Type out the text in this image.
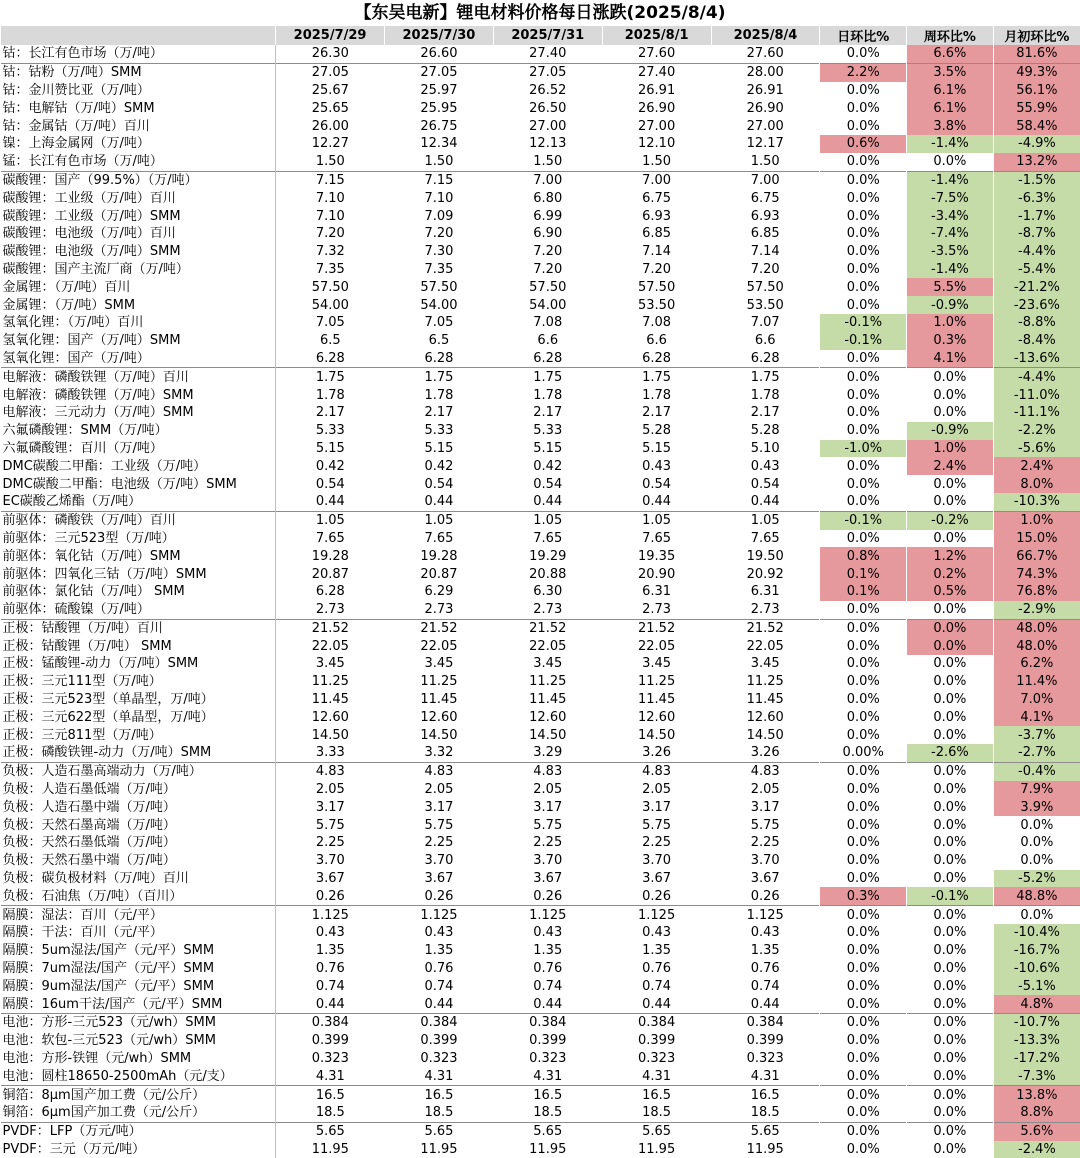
【东吴电新】锂电材料价格每日涨跌(2025/8/4)
	2025/7/29	2025/7/30	2025/7/31	2025/8/1	2025/8/4	日环比%	周环比%	月初环比%
钴：长江有色市场（万/吨）	26.30	26.60	27.40	27.60	27.60	0.0%	6.6%	81.6%
钴：钴粉（万/吨）SMM	27.05	27.05	27.05	27.40	28.00	2.2%	3.5%	49.3%
钴：金川赞比亚（万/吨）	25.67	25.97	26.52	26.91	26.91	0.0%	6.1%	56.1%
钴：电解钴（万/吨）SMM	25.65	25.95	26.50	26.90	26.90	0.0%	6.1%	55.9%
钴：金属钴（万/吨）百川	26.00	26.75	27.00	27.00	27.00	0.0%	3.8%	58.4%
镍：上海金属网（万/吨）	12.27	12.34	12.13	12.10	12.17	0.6%	-1.4%	-4.9%
锰：长江有色市场（万/吨）	1.50	1.50	1.50	1.50	1.50	0.0%	0.0%	13.2%
碳酸锂：国产（99.5%）（万/吨）	7.15	7.15	7.00	7.00	7.00	0.0%	-1.4%	-1.5%
碳酸锂：工业级（万/吨）百川	7.10	7.10	6.80	6.75	6.75	0.0%	-7.5%	-6.3%
碳酸锂：工业级（万/吨）SMM	7.10	7.09	6.99	6.93	6.93	0.0%	-3.4%	-1.7%
碳酸锂：电池级（万/吨）百川	7.20	7.20	6.90	6.85	6.85	0.0%	-7.4%	-8.7%
碳酸锂：电池级（万/吨）SMM	7.32	7.30	7.20	7.14	7.14	0.0%	-3.5%	-4.4%
碳酸锂：国产主流厂商（万/吨）	7.35	7.35	7.20	7.20	7.20	0.0%	-1.4%	-5.4%
金属锂：（万/吨）百川	57.50	57.50	57.50	57.50	57.50	0.0%	5.5%	-21.2%
金属锂：（万/吨）SMM	54.00	54.00	54.00	53.50	53.50	0.0%	-0.9%	-23.6%
氢氧化锂：（万/吨）百川	7.05	7.05	7.08	7.08	7.07	-0.1%	1.0%	-8.8%
氢氧化锂：国产（万/吨）SMM	6.5	6.5	6.6	6.6	6.6	-0.1%	0.3%	-8.4%
氢氧化锂：国产（万/吨）	6.28	6.28	6.28	6.28	6.28	0.0%	4.1%	-13.6%
电解液：磷酸铁锂（万/吨）百川	1.75	1.75	1.75	1.75	1.75	0.0%	0.0%	-4.4%
电解液：磷酸铁锂（万/吨）SMM	1.78	1.78	1.78	1.78	1.78	0.0%	0.0%	-11.0%
电解液：三元动力（万/吨）SMM	2.17	2.17	2.17	2.17	2.17	0.0%	0.0%	-11.1%
六氟磷酸锂：SMM（万/吨）	5.33	5.33	5.33	5.28	5.28	0.0%	-0.9%	-2.2%
六氟磷酸锂：百川（万/吨）	5.15	5.15	5.15	5.15	5.10	-1.0%	1.0%	-5.6%
DMC碳酸二甲酯：工业级（万/吨）	0.42	0.42	0.42	0.43	0.43	0.0%	2.4%	2.4%
DMC碳酸二甲酯：电池级（万/吨）SMM	0.54	0.54	0.54	0.54	0.54	0.0%	0.0%	8.0%
EC碳酸乙烯酯（万/吨）	0.44	0.44	0.44	0.44	0.44	0.0%	0.0%	-10.3%
前驱体：磷酸铁（万/吨）百川	1.05	1.05	1.05	1.05	1.05	-0.1%	-0.2%	1.0%
前驱体：三元523型（万/吨）	7.65	7.65	7.65	7.65	7.65	0.0%	0.0%	15.0%
前驱体：氧化钴（万/吨）SMM	19.28	19.28	19.29	19.35	19.50	0.8%	1.2%	66.7%
前驱体：四氧化三钴（万/吨）SMM	20.87	20.87	20.88	20.90	20.92	0.1%	0.2%	74.3%
前驱体：氯化钴（万/吨） SMM	6.28	6.29	6.30	6.31	6.31	0.1%	0.5%	76.8%
前驱体：硫酸镍（万/吨）	2.73	2.73	2.73	2.73	2.73	0.0%	0.0%	-2.9%
正极：钴酸锂（万/吨）百川	21.52	21.52	21.52	21.52	21.52	0.0%	0.0%	48.0%
正极：钴酸锂（万/吨） SMM	22.05	22.05	22.05	22.05	22.05	0.0%	0.0%	48.0%
正极：锰酸锂-动力（万/吨）SMM	3.45	3.45	3.45	3.45	3.45	0.0%	0.0%	6.2%
正极：三元111型（万/吨）	11.25	11.25	11.25	11.25	11.25	0.0%	0.0%	11.4%
正极：三元523型（单晶型，万/吨）	11.45	11.45	11.45	11.45	11.45	0.0%	0.0%	7.0%
正极：三元622型（单晶型，万/吨）	12.60	12.60	12.60	12.60	12.60	0.0%	0.0%	4.1%
正极：三元811型（万/吨）	14.50	14.50	14.50	14.50	14.50	0.0%	0.0%	-3.7%
正极：磷酸铁锂-动力（万/吨）SMM	3.33	3.32	3.29	3.26	3.26	0.00%	-2.6%	-2.7%
负极：人造石墨高端动力（万/吨）	4.83	4.83	4.83	4.83	4.83	0.0%	0.0%	-0.4%
负极：人造石墨低端（万/吨）	2.05	2.05	2.05	2.05	2.05	0.0%	0.0%	7.9%
负极：人造石墨中端（万/吨）	3.17	3.17	3.17	3.17	3.17	0.0%	0.0%	3.9%
负极：天然石墨高端（万/吨）	5.75	5.75	5.75	5.75	5.75	0.0%	0.0%	0.0%
负极：天然石墨低端（万/吨）	2.25	2.25	2.25	2.25	2.25	0.0%	0.0%	0.0%
负极：天然石墨中端（万/吨）	3.70	3.70	3.70	3.70	3.70	0.0%	0.0%	0.0%
负极：碳负极材料（万/吨）百川	3.67	3.67	3.67	3.67	3.67	0.0%	0.0%	-5.2%
负极：石油焦（万/吨）（百川）	0.26	0.26	0.26	0.26	0.26	0.3%	-0.1%	48.8%
隔膜：湿法：百川（元/平）	1.125	1.125	1.125	1.125	1.125	0.0%	0.0%	0.0%
隔膜：干法：百川（元/平）	0.43	0.43	0.43	0.43	0.43	0.0%	0.0%	-10.4%
隔膜：5um湿法/国产（元/平）SMM	1.35	1.35	1.35	1.35	1.35	0.0%	0.0%	-16.7%
隔膜：7um湿法/国产（元/平）SMM	0.76	0.76	0.76	0.76	0.76	0.0%	0.0%	-10.6%
隔膜：9um湿法/国产（元/平）SMM	0.74	0.74	0.74	0.74	0.74	0.0%	0.0%	-5.1%
隔膜：16um干法/国产（元/平）SMM	0.44	0.44	0.44	0.44	0.44	0.0%	0.0%	4.8%
电池：方形-三元523（元/wh）SMM	0.384	0.384	0.384	0.384	0.384	0.0%	0.0%	-10.7%
电池：软包-三元523（元/wh）SMM	0.399	0.399	0.399	0.399	0.399	0.0%	0.0%	-13.3%
电池：方形-铁锂（元/wh）SMM	0.323	0.323	0.323	0.323	0.323	0.0%	0.0%	-17.2%
电池：圆柱18650-2500mAh（元/支）	4.31	4.31	4.31	4.31	4.31	0.0%	0.0%	-7.3%
铜箔：8μm国产加工费（元/公斤）	16.5	16.5	16.5	16.5	16.5	0.0%	0.0%	13.8%
铜箔：6μm国产加工费（元/公斤）	18.5	18.5	18.5	18.5	18.5	0.0%	0.0%	8.8%
PVDF：LFP（万元/吨）	5.65	5.65	5.65	5.65	5.65	0.0%	0.0%	5.6%
PVDF：三元（万元/吨）	11.95	11.95	11.95	11.95	11.95	0.0%	0.0%	-2.4%
